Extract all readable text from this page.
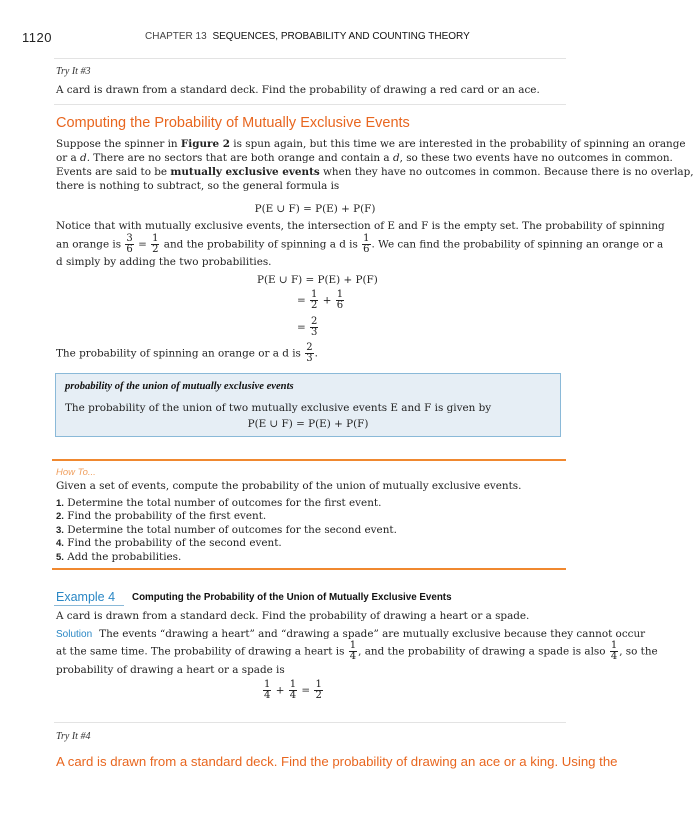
1120	CHAPTER 13 SEQUENCES, PROBABILITY AND COUNTING THEORY
Try It #3
A card is drawn from a standard deck. Find the probability of drawing a red card or an ace.
Computing the Probability of Mutually Exclusive Events
Suppose the spinner in Figure 2 is spun again, but this time we are interested in the probability of spinning an orange
or a d. There are no sectors that are both orange and contain a d, so these two events have no outcomes in common.
Events are said to be mutually exclusive events when they have no outcomes in common. Because there is no overlap,
there is nothing to subtract, so the general formula is
P(E ∪ F) = P(E) + P(F)
Notice that with mutually exclusive events, the intersection of E and F is the empty set. The probability of spinning
an orange is $\frac{3}{6} = \frac{1}{2}$ and the probability of spinning a d is $\frac{1}{6}$ . We can find the probability of spinning an orange or a
d simply by adding the two probabilities.
P(E ∪ F) = P(E) + P(F)
= $\frac{1}{2} + \frac{1}{6}$
= $\frac{2}{3}$
The probability of spinning an orange or a d is $\frac{2}{3}$ .
probability of the union of mutually exclusive events
The probability of the union of two mutually exclusive events E and F is given by
P(E ∪ F) = P(E) + P(F)
How To...
Given a set of events, compute the probability of the union of mutually exclusive events.
1. Determine the total number of outcomes for the first event.
2. Find the probability of the first event.
3. Determine the total number of outcomes for the second event.
4. Find the probability of the second event.
5. Add the probabilities.
Example 4 Computing the Probability of the Union of Mutually Exclusive Events
A card is drawn from a standard deck. Find the probability of drawing a heart or a spade.
Solution The events “drawing a heart” and “drawing a spade” are mutually exclusive because they cannot occur
at the same time. The probability of drawing a heart is $\frac{1}{4}$ , and the probability of drawing a spade is also $\frac{1}{4}$ , so the
probability of drawing a heart or a spade is
$\frac{1}{4} + \frac{1}{4} = \frac{1}{2}$
Try It #4
A card is drawn from a standard deck. Find the probability of drawing an ace or a king. Using the
